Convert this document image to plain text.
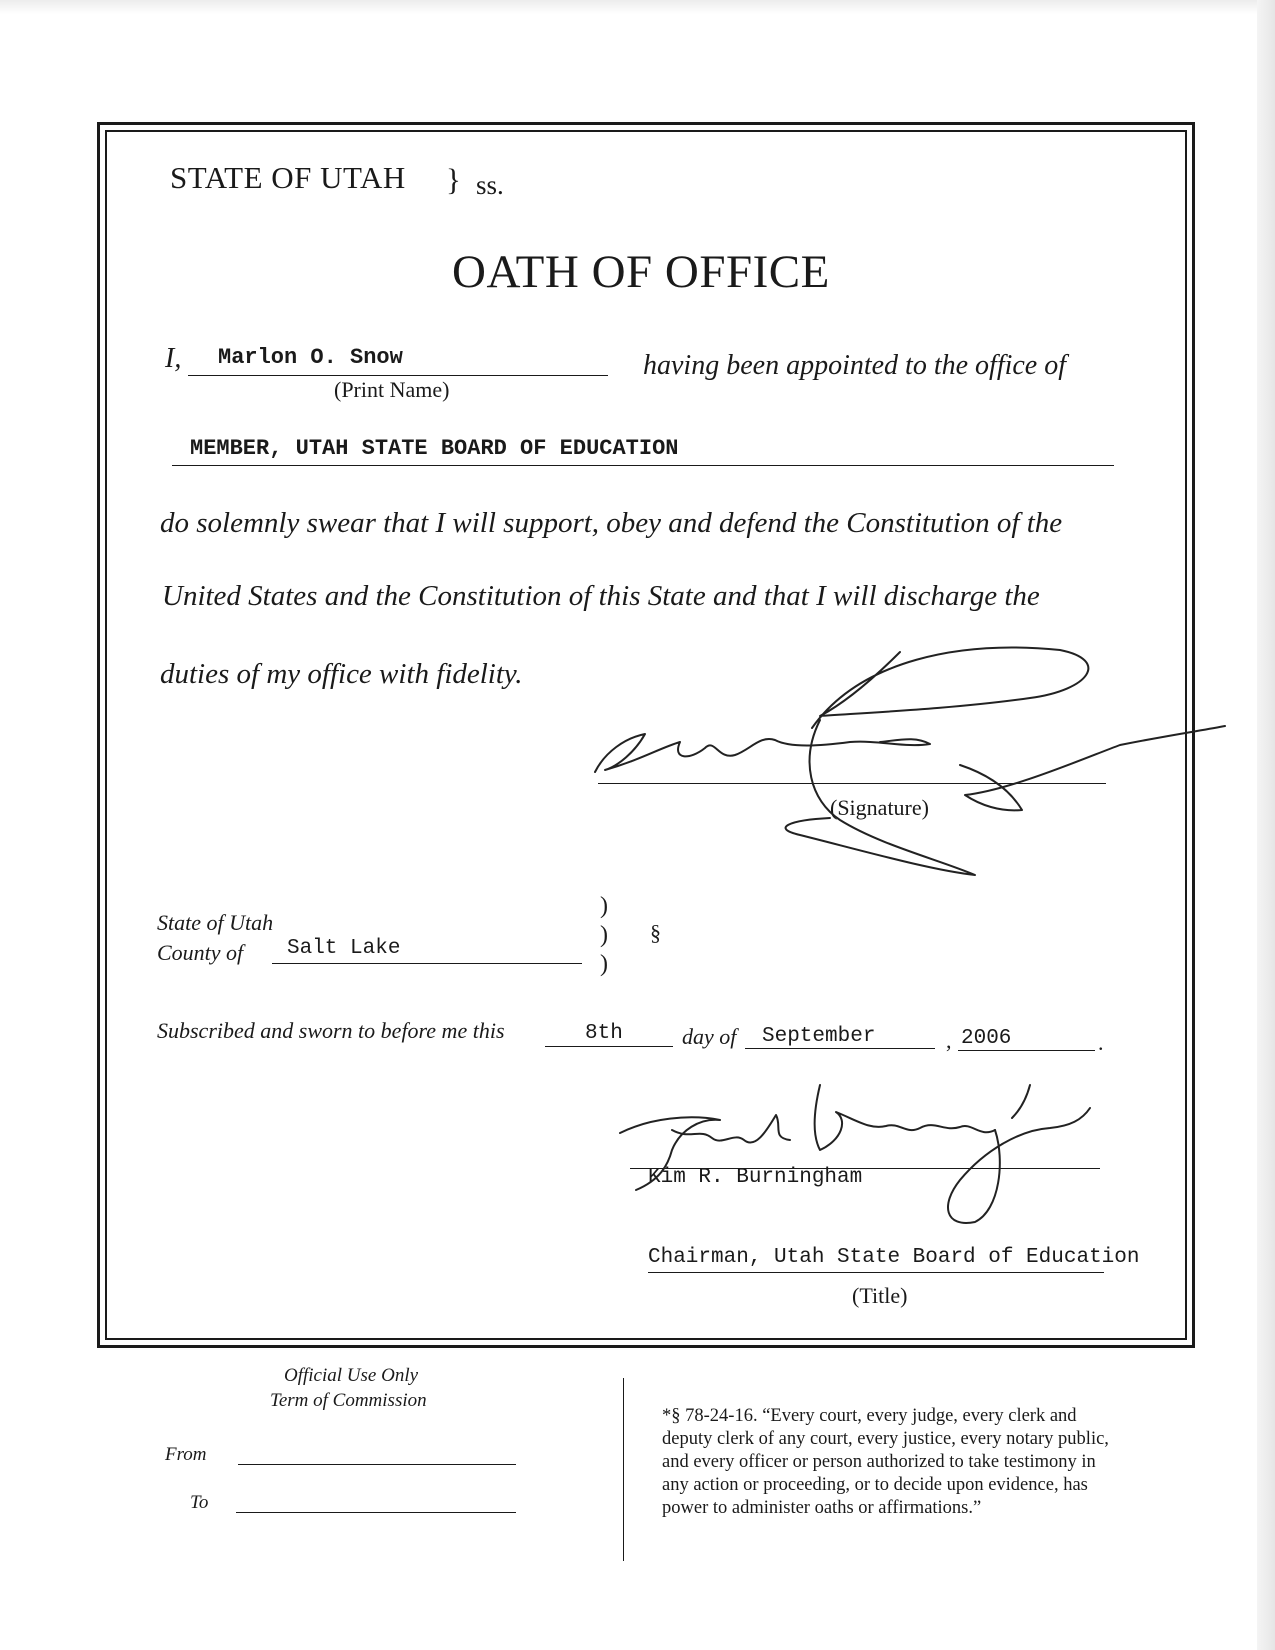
STATE OF UTAH } ss.
OATH OF OFFICE
I, Marlon O. Snow
(Print Name)
having been appointed to the office of
MEMBER, UTAH STATE BOARD OF EDUCATION
do solemnly swear that I will support, obey and defend the Constitution of the
United States and the Constitution of this State and that I will discharge the
duties of my office with fidelity.
(Signature)
State of Utah
County of Salt Lake
)
)
)
§
Subscribed and sworn to before me this	8th	day of September	, 2006	.
Kim R. Burningham
Chairman, Utah State Board of Education
(Title)
Official Use Only
Term of Commission
From
To
*§ 78-24-16. “Every court, every judge, every clerk and
deputy clerk of any court, every justice, every notary public,
and every officer or person authorized to take testimony in
any action or proceeding, or to decide upon evidence, has
power to administer oaths or affirmations.”
